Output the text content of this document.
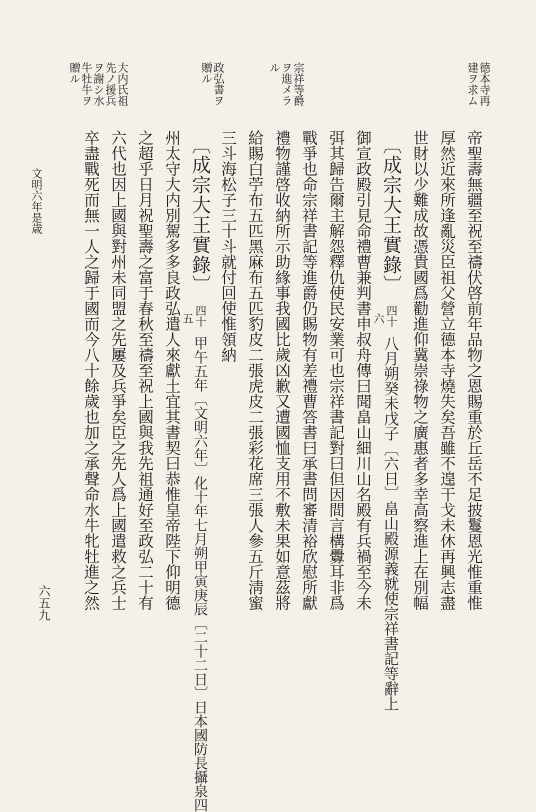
德本寺再
建ヲ求ム
宗祥等爵
ヲ進メラ
ル
政弘書ヲ
贈ル
大内氏祖
先ノ援兵
ヲ謝シ水
牛牡牛ヲ
贈ル
文明六年是歳
六五九	帝聖壽無疆至祝至禱伏啓前年品物之恩賜重於丘岳不足披鬘恩光惟重惟
厚然近來所逢亂災臣祖父營立德本寺燒失矣吾雖不遑干戈未休再興志盡
世財以少難成故憑貴國爲勸進仰冀崇祿物之廣惠者多幸高察進上在別幅
〔成宗大王實錄〕
四十
六
八月朔癸未戊子〔六日〕畠山殿源義就使宗祥書記等辭上
御宣政殿引見命禮曹兼判書申叔舟傳曰聞畠山細川山名殿有兵禍至今未
弭其歸告爾主解怨釋仇使民安業可也宗祥書記對曰但因間言構釁耳非爲
戰爭也命宗祥書記等進爵仍賜物有差禮曹答書曰承書問審清裕欣慰所獻
禮物謹啓收納所示助緣事我國比歲凶歉又遭國恤支用不敷未果如意茲將
給賜白苧布五匹黑麻布五匹豹皮二張虎皮二張彩花席三張人參五斤淸蜜
三斗海松子三十斗就付回使惟領納
〔成宗大王實錄〕
四十
五
甲午五年〔文明六年〕化十年七月朔甲寅庚辰〔二十二日〕日本國防長攝泉四
州太守大内別駕多多良政弘遣人來獻土宜其書契曰恭惟皇帝陛下仰明德
之超乎日月祝聖壽之富于春秋至禱至祝上國與我先祖通好至政弘二十有
六代也因上國與對州未同盟之先屢及兵爭矣臣之先人爲上國遣救之兵士
卒盡戰死而無一人之歸于國而今八十餘歲也加之承聲命水牛牝牡進之然
